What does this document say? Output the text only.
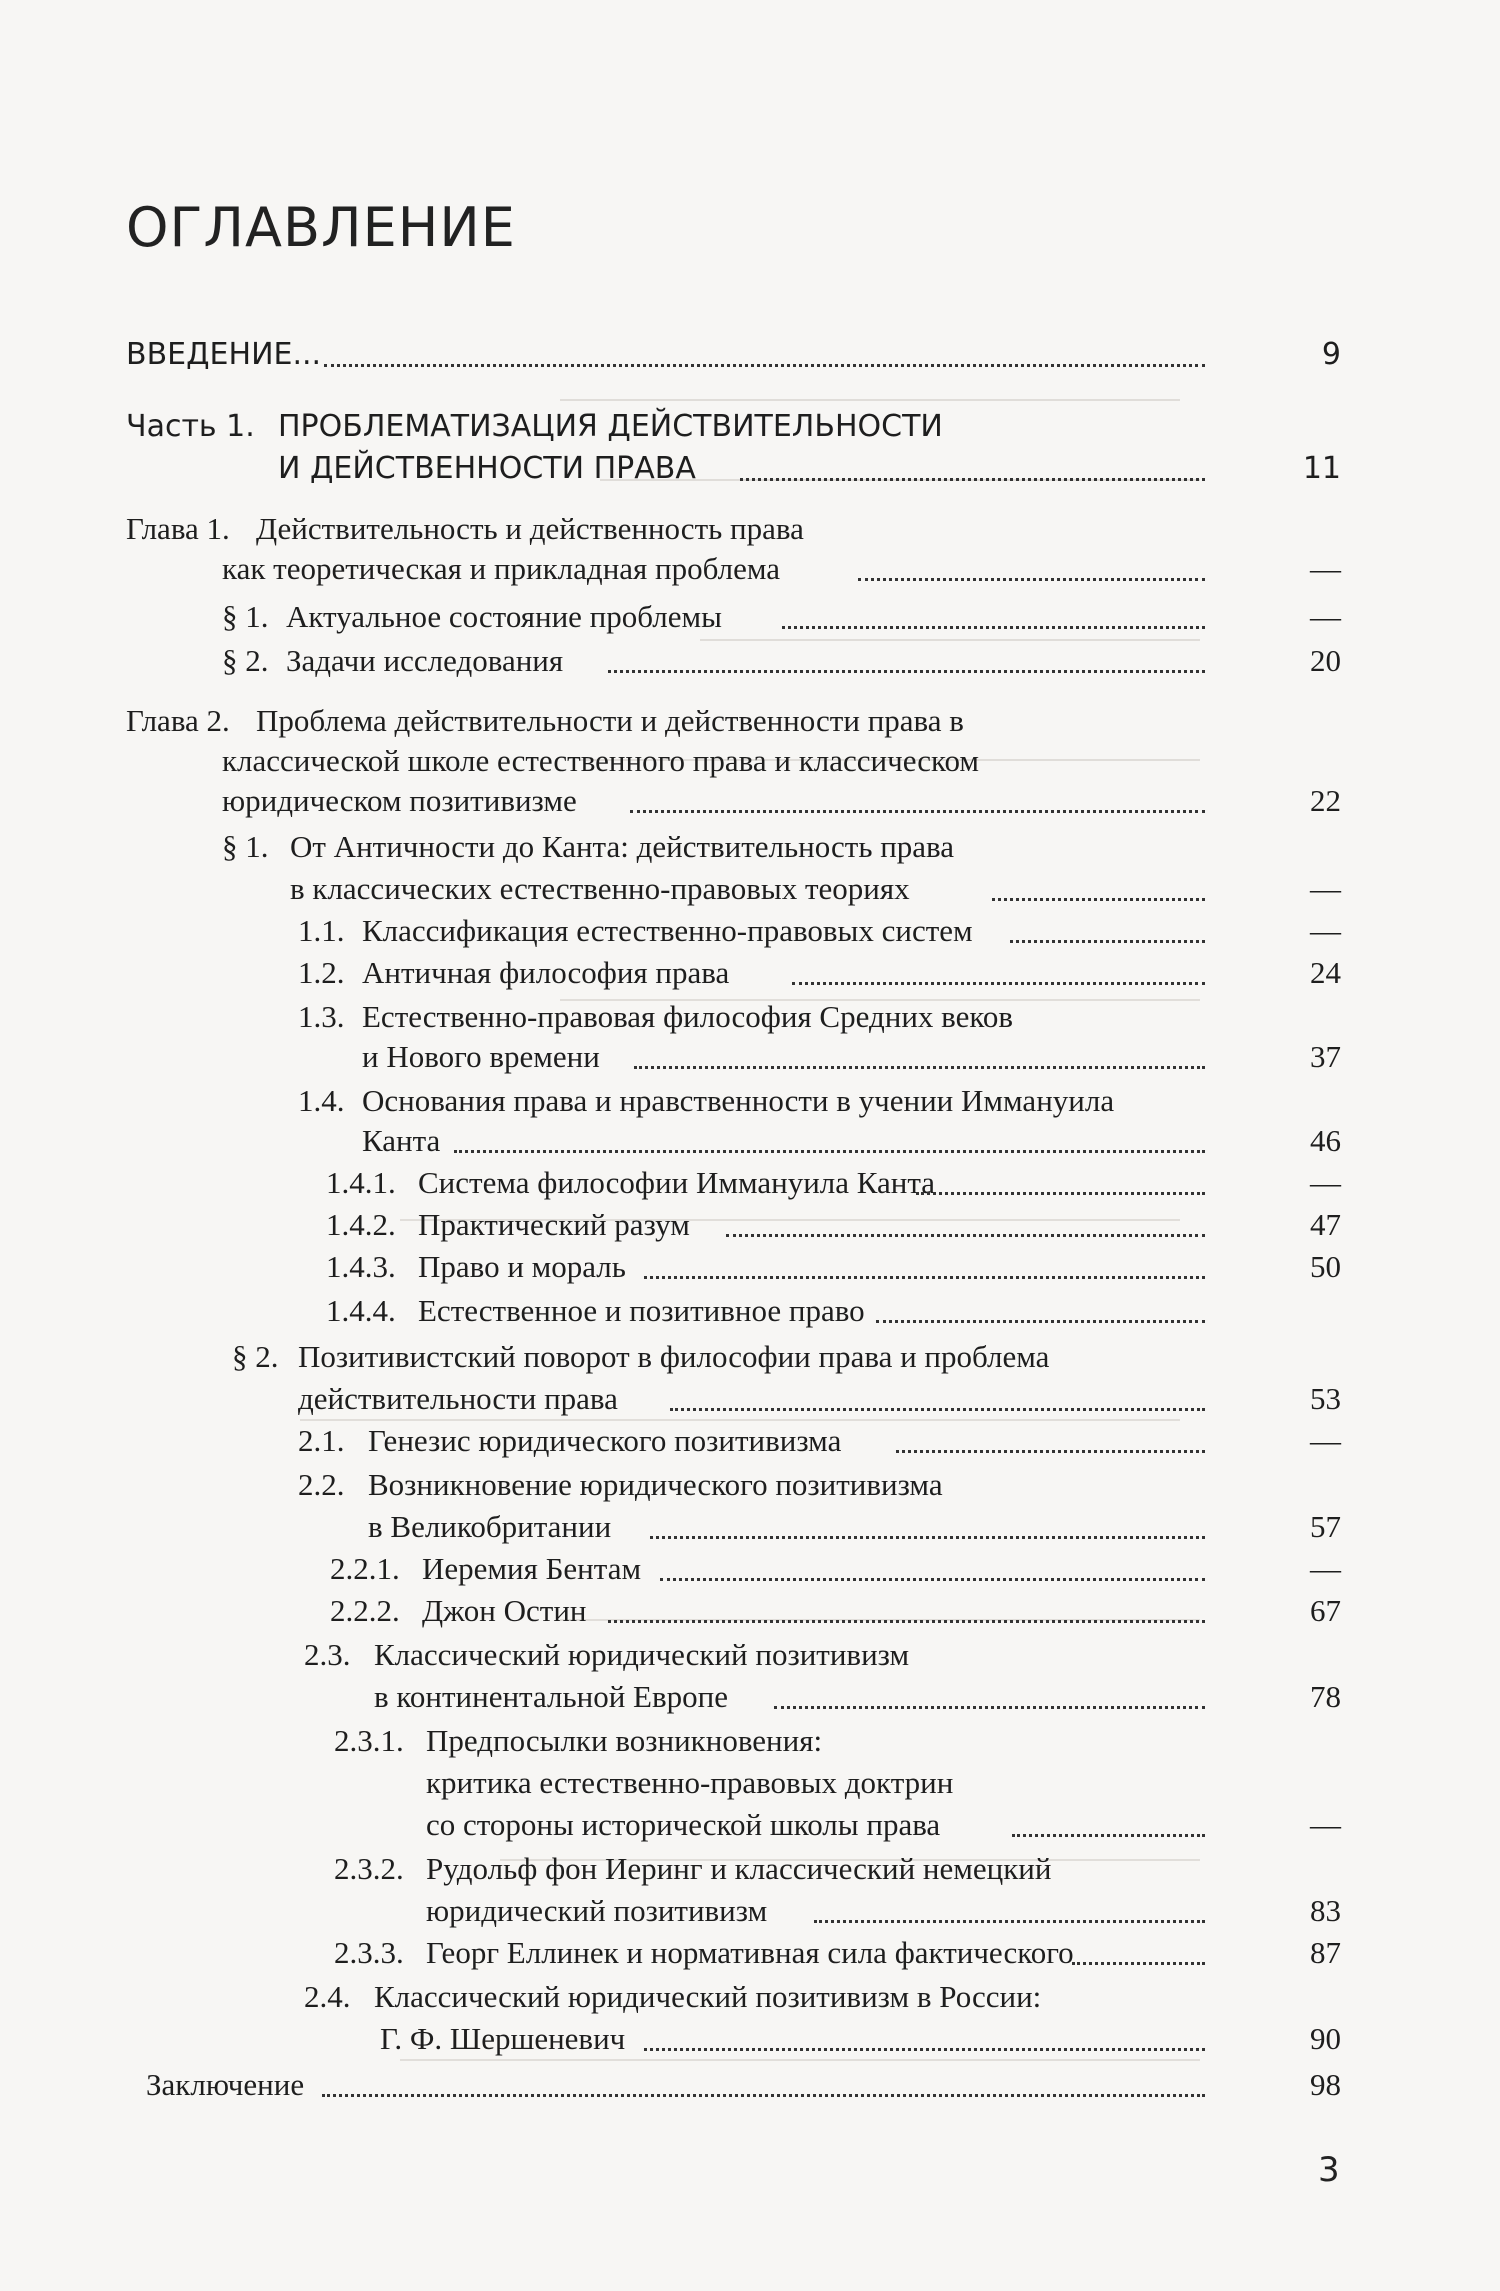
ОГЛАВЛЕНИЕ
ВВЕДЕНИЕ...	9
Часть 1. ПРОБЛЕМАТИЗАЦИЯ ДЕЙСТВИТЕЛЬНОСТИ
И ДЕЙСТВЕННОСТИ ПРАВА	11
Глава 1. Действительность и действенность права
как теоретическая и прикладная проблема	—
§ 1. Актуальное состояние проблемы	—
§ 2. Задачи исследования	20
Глава 2. Проблема действительности и действенности права в
классической школе естественного права и классическом
юридическом позитивизме	22
§ 1. От Античности до Канта: действительность права
в классических естественно-правовых теориях	—
1.1. Классификация естественно-правовых систем	—
1.2. Античная философия права	24
1.3. Естественно-правовая философия Средних веков
и Нового времени	37
1.4. Основания права и нравственности в учении Иммануила
Канта	46
1.4.1. Система философии Иммануила Канта	—
1.4.2. Практический разум	47
1.4.3. Право и мораль	50
1.4.4. Естественное и позитивное право
§ 2. Позитивистский поворот в философии права и проблема
действительности права	53
2.1. Генезис юридического позитивизма	—
2.2. Возникновение юридического позитивизма
в Великобритании	57
2.2.1. Иеремия Бентам	—
2.2.2. Джон Остин	67
2.3. Классический юридический позитивизм
в континентальной Европе	78
2.3.1. Предпосылки возникновения:
критика естественно-правовых доктрин
со стороны исторической школы права	—
2.3.2. Рудольф фон Иеринг и классический немецкий
юридический позитивизм	83
2.3.3. Георг Еллинек и нормативная сила фактического	87
2.4. Классический юридический позитивизм в России:
Г. Ф. Шершеневич	90
Заключение	98
3
